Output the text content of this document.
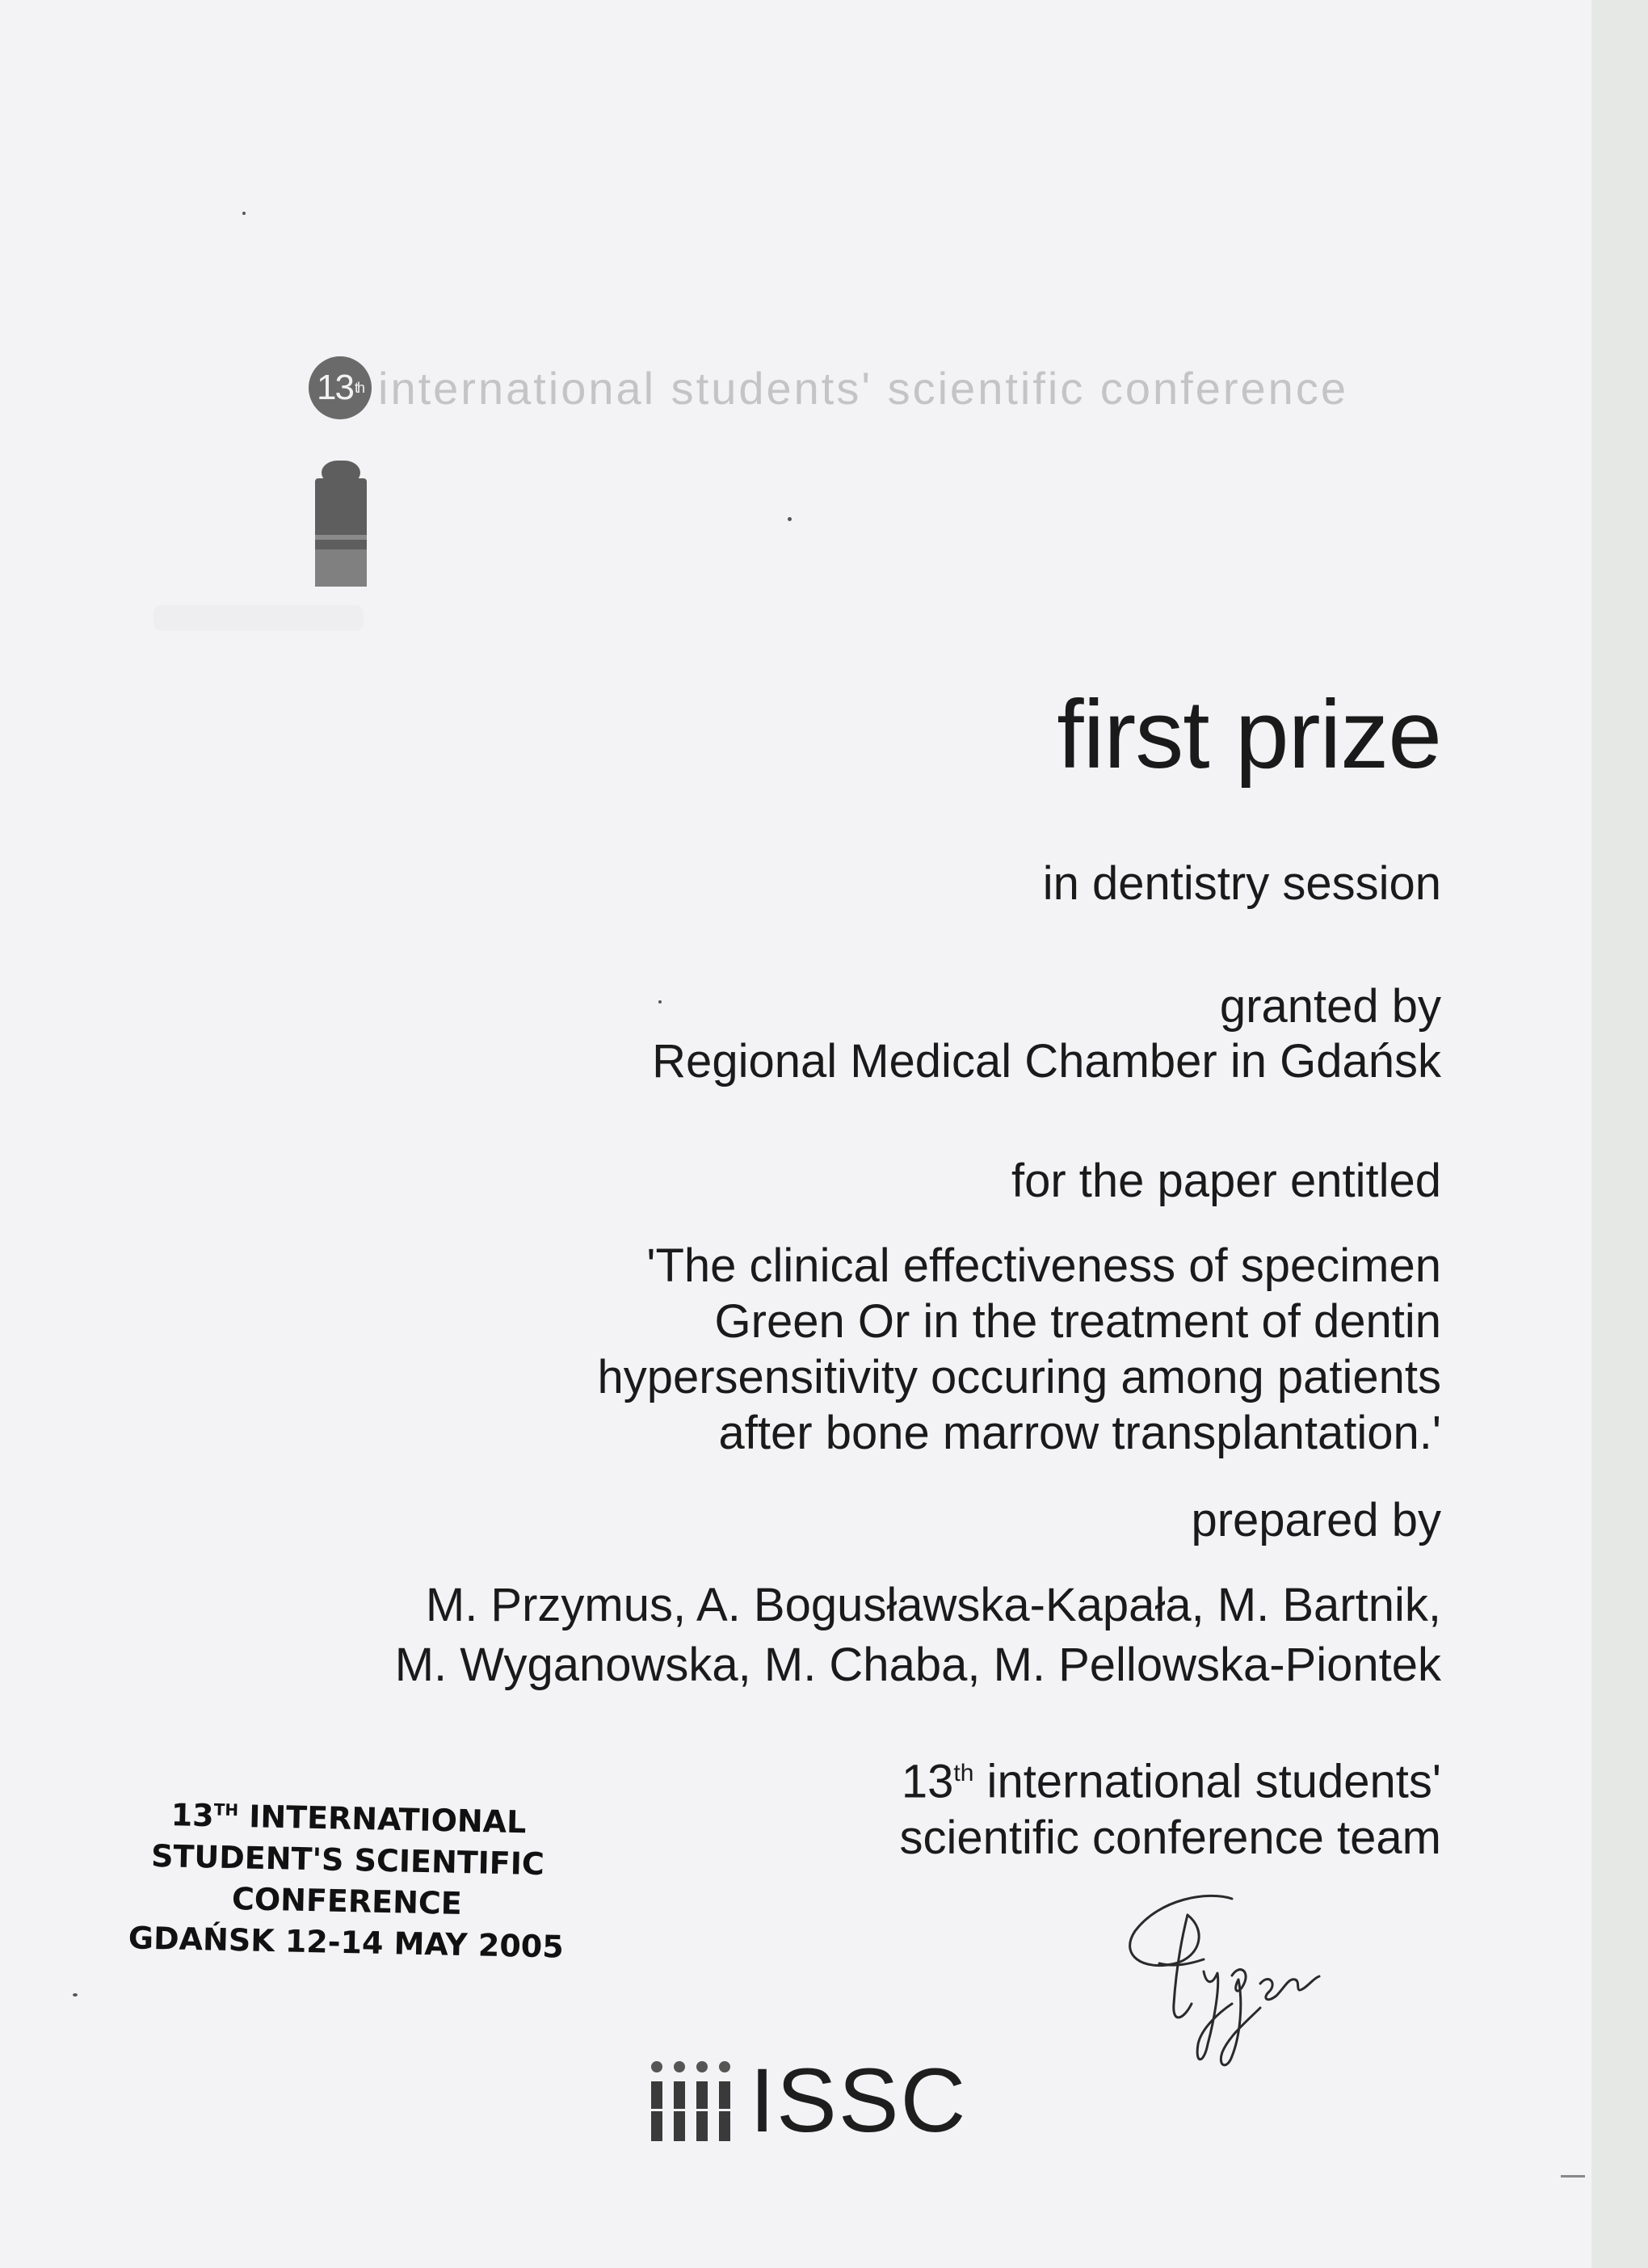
13 th international students' scientific conference
first prize
in dentistry session
granted by
Regional Medical Chamber in Gdańsk
for the paper entitled
'The clinical effectiveness of specimen
Green Or in the treatment of dentin
hypersensitivity occuring among patients
after bone marrow transplantation.'
prepared by
M. Przymus, A. Bogusławska-Kapała, M. Bartnik,
M. Wyganowska, M. Chaba, M. Pellowska-Piontek
13th international students'
scientific conference team
13TH INTERNATIONAL
STUDENT'S SCIENTIFIC
CONFERENCE
GDAŃSK 12-14 MAY 2005
ISSC
